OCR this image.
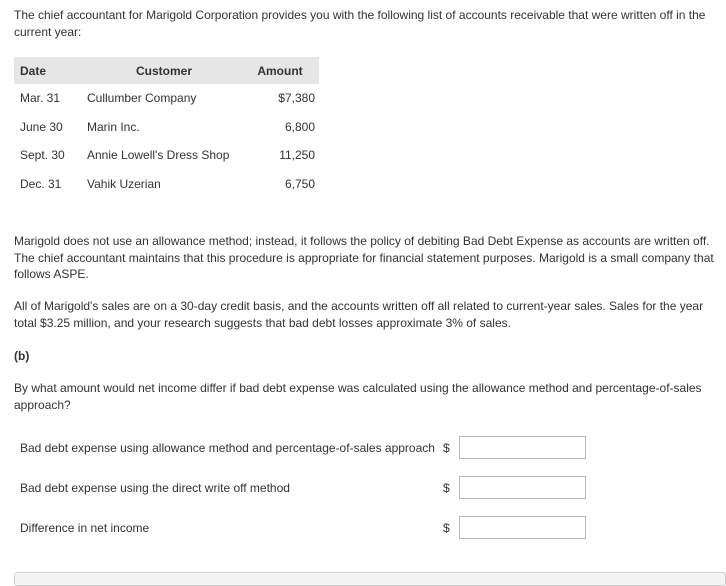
The chief accountant for Marigold Corporation provides you with the following list of accounts receivable that were written off in the current year:
Date	Customer	Amount
Mar. 31	Cullumber Company	$7,380
June 30	Marin Inc.	6,800
Sept. 30	Annie Lowell's Dress Shop	11,250
Dec. 31	Vahik Uzerian	6,750
Marigold does not use an allowance method; instead, it follows the policy of debiting Bad Debt Expense as accounts are written off. The chief accountant maintains that this procedure is appropriate for financial statement purposes. Marigold is a small company that follows ASPE.
All of Marigold's sales are on a 30-day credit basis, and the accounts written off all related to current-year sales. Sales for the year total $3.25 million, and your research suggests that bad debt losses approximate 3% of sales.
(b)
By what amount would net income differ if bad debt expense was calculated using the allowance method and percentage-of-sales approach?
Bad debt expense using allowance method and percentage-of-sales approach $
Bad debt expense using the direct write off method	$
Difference in net income	$
